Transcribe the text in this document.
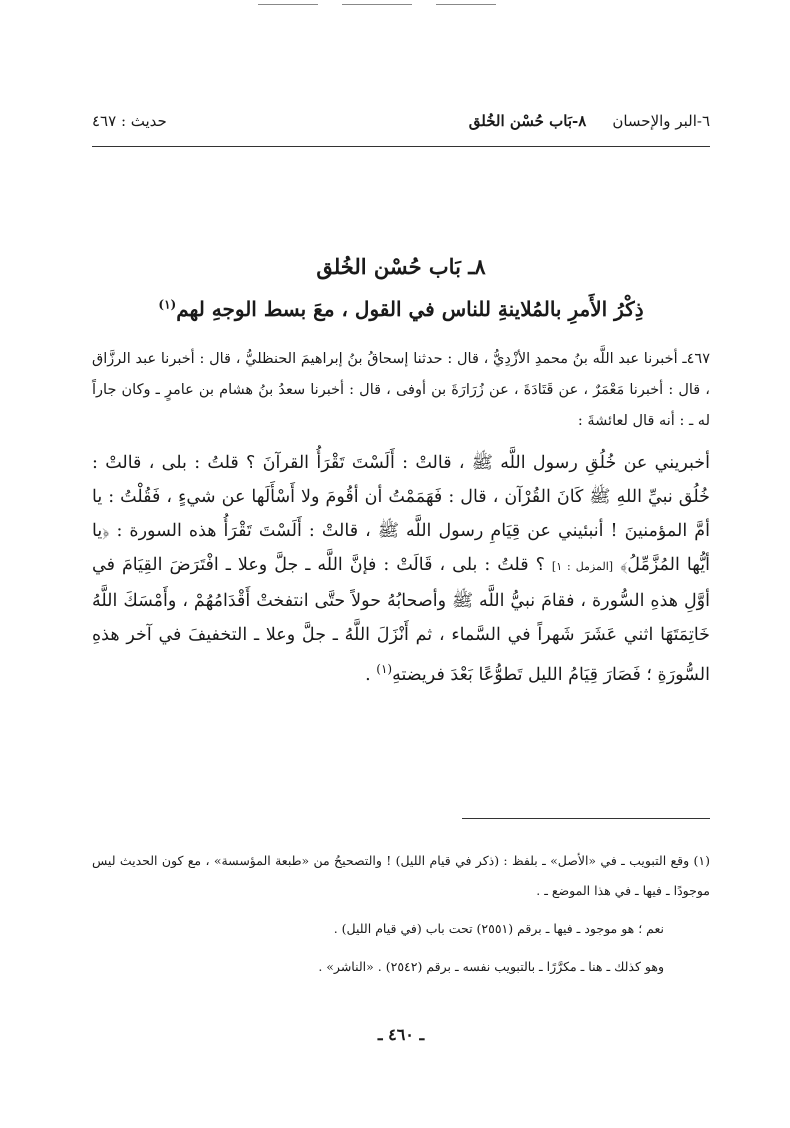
٦-البر والإحسان
٨-بَاب حُسْن الخُلق
حديث : ٤٦٧
٨ـ بَاب حُسْن الخُلق
ذِكْرُ الأَمرِ بالمُلاينةِ للناس في القول ، معَ بسط الوجهِ لهم$^{(١)}$
٤٦٧ـ أخبرنا عبد اللَّه بنُ محمدِ الأزْدِيُّ ، قال : حدثنا إسحاقُ بنُ إبراهيمَ الحنظليُّ ، قال : أخبرنا عبد الرزَّاق ، قال : أخبرنا مَعْمَرٌ ، عن قَتَادَةَ ، عن زُرَارَةَ بن أوفى ، قال : أخبرنا سعدُ بنُ هشام بن عامرٍ ـ وكان جاراً له ـ : أنه قال لعائشةَ :
أخبريني عن خُلُقِ رسول اللَّه ﷺ ، قالتْ : أَلَسْتَ تَقْرَأُ القرآنَ ؟ قلتُ : بلى ، قالتْ : خُلُق نبيِّ اللهِ ﷺ كَانَ القُرْآن ، قال : فَهَمَمْتُ أن أقُومَ ولا أَسْأَلَها عن شيءٍ ، فَقُلْتُ : يا أمَّ المؤمنينَ ! أنبئيني عن قِيَامِ رسول اللَّه ﷺ ، قالتْ : أَلَسْتَ تَقْرَأُ هذه السورة : ﴿يا أيُّها المُزَّمِّلُ﴾ [المزمل : ١] ؟ قلتُ : بلى ، قَالَتْ : فإنَّ اللَّه ـ جلَّ وعلا ـ افْتَرَضَ القِيَامَ في أوَّلِ هذهِ السُّورة ، فقامَ نبيُّ اللَّه ﷺ وأصحابُهُ حولاً حتَّى انتفختْ أَقْدَامُهُمْ ، وأَمْسَكَ اللَّهُ خَاتِمَتَهَا اثني عَشَرَ شَهراً في السَّماء ، ثم أَنْزَلَ اللَّهُ ـ جلَّ وعلا ـ التخفيفَ في آخر هذهِ السُّورَةِ ؛ فَصَارَ قِيَامُ الليل تَطوُّعًا بَعْدَ فريضتهِ$^{(١)}$ .

(١) وقع التبويب ـ في «الأصل» ـ بلفظ : (ذكر في قيام الليل) ! والتصحيحُ من «طبعة المؤسسة» ، مع كون الحديث ليس موجودًا ـ فيها ـ في هذا الموضع ـ .

نعم ؛ هو موجود ـ فيها ـ برقم (٢٥٥١) تحت باب (في قيام الليل) .

وهو كذلك ـ هنا ـ مكرَّرًا ـ بالتبويب نفسه ـ برقم (٢٥٤٢) . «الناشر» .

ـ ٤٦٠ ـ
